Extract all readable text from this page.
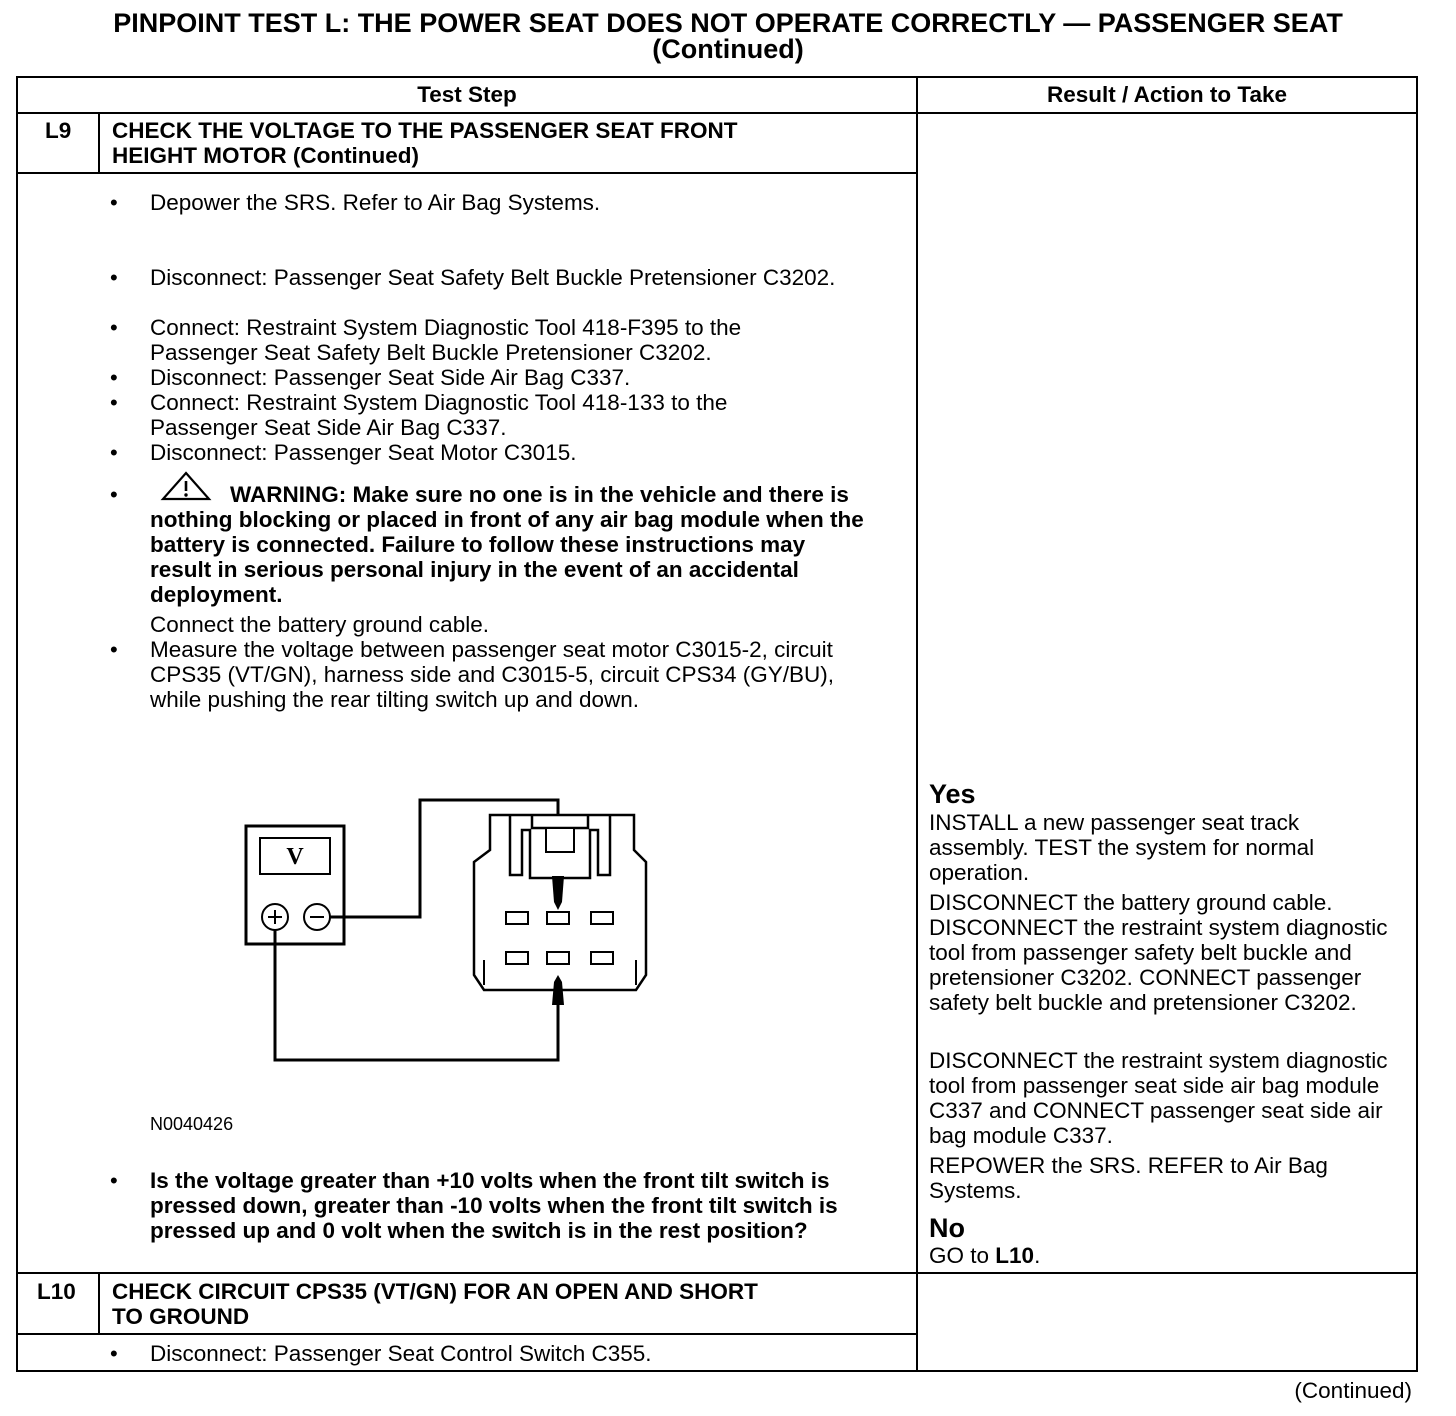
PINPOINT TEST L: THE POWER SEAT DOES NOT OPERATE CORRECTLY — PASSENGER SEAT
(Continued)
Test Step	Result / Action to Take
L9 CHECK THE VOLTAGE TO THE PASSENGER SEAT FRONT
HEIGHT MOTOR (Continued)
• Depower the SRS. Refer to Air Bag Systems.
• Disconnect: Passenger Seat Safety Belt Buckle Pretensioner C3202.
• Connect: Restraint System Diagnostic Tool 418-F395 to the Passenger Seat Safety Belt Buckle Pretensioner C3202.
• Disconnect: Passenger Seat Side Air Bag C337.
• Connect: Restraint System Diagnostic Tool 418-133 to the Passenger Seat Side Air Bag C337.
• Disconnect: Passenger Seat Motor C3015.
•	WARNING: Make sure no one is in the vehicle and there is nothing blocking or placed in front of any air bag module when the battery is connected. Failure to follow these instructions may result in serious personal injury in the event of an accidental deployment.
Connect the battery ground cable.
• Measure the voltage between passenger seat motor C3015-2, circuit CPS35 (VT/GN), harness side and C3015-5, circuit CPS34 (GY/BU), while pushing the rear tilting switch up and down.
V
N0040426
• Is the voltage greater than +10 volts when the front tilt switch is pressed down, greater than -10 volts when the front tilt switch is pressed up and 0 volt when the switch is in the rest position?
Yes
INSTALL a new passenger seat track assembly. TEST the system for normal operation.
DISCONNECT the battery ground cable. DISCONNECT the restraint system diagnostic tool from passenger safety belt buckle and pretensioner C3202. CONNECT passenger safety belt buckle and pretensioner C3202.
DISCONNECT the restraint system diagnostic tool from passenger seat side air bag module C337 and CONNECT passenger seat side air bag module C337.
REPOWER the SRS. REFER to Air Bag Systems.
No
GO to L10.
L10 CHECK CIRCUIT CPS35 (VT/GN) FOR AN OPEN AND SHORT
TO GROUND
• Disconnect: Passenger Seat Control Switch C355.
(Continued)
